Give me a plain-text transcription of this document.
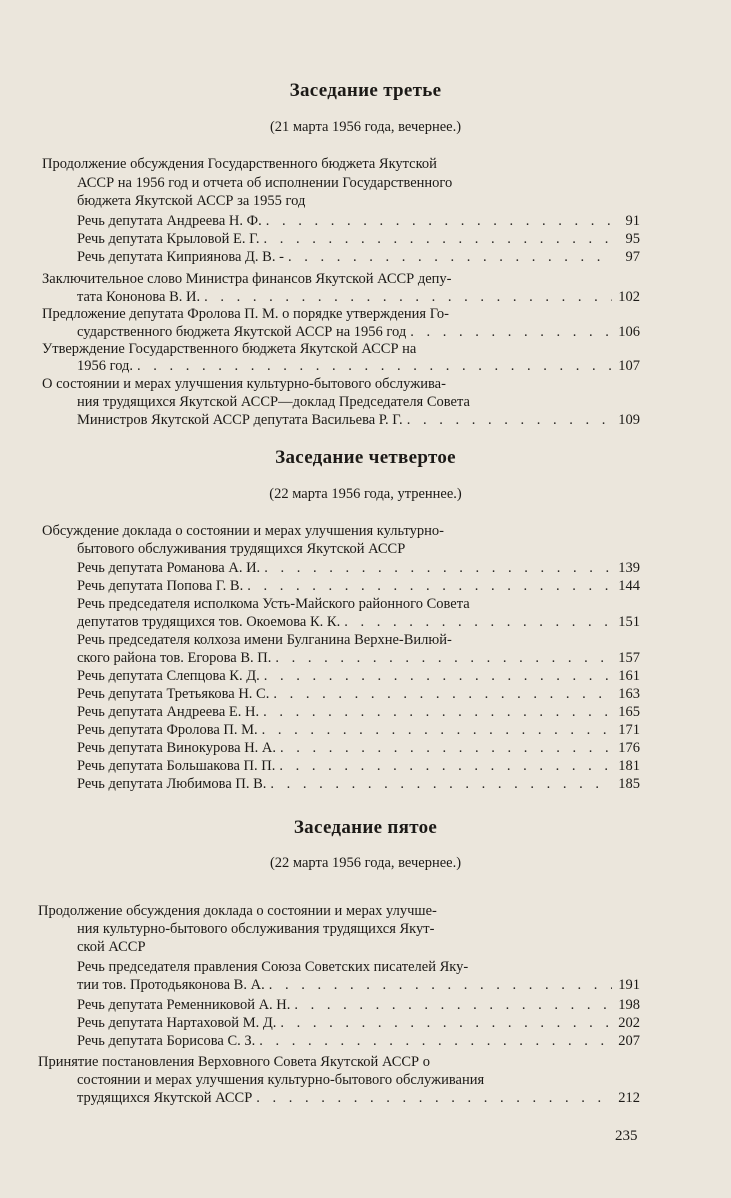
Заседание третье
(21 марта 1956 года, вечернее.)
Заседание четвертое
(22 марта 1956 года, утреннее.)
Заседание пятое
(22 марта 1956 года, вечернее.)
Продолжение обсуждения Государственного бюджета Якутской
АССР на 1956 год и отчета об исполнении Государственного
бюджета Якутской АССР за 1955 год
Речь депутата Андреева Н. Ф. . . .	91
Речь депутата Крыловой Е. Г. . . .	95
Речь депутата Киприянова Д. В. - . . .	97
Заключительное слово Министра финансов Якутской АССР депу-
тата Кононова В. И. . . .	102
Предложение депутата Фролова П. М. о порядке утверждения Го-
сударственного бюджета Якутской АССР на 1956 год . . .	106
Утверждение Государственного бюджета Якутской АССР на
1956 год. . . .	107
О состоянии и мерах улучшения культурно-бытового обслужива-
ния трудящихся Якутской АССР—доклад Председателя Совета
Министров Якутской АССР депутата Васильева Р. Г. . . .	109
Обсуждение доклада о состоянии и мерах улучшения культурно-
бытового обслуживания трудящихся Якутской АССР
Речь депутата Романова А. И. . . .	139
Речь депутата Попова Г. В. . . .	144
Речь председателя исполкома Усть-Майского районного Совета
депутатов трудящихся тов. Окоемова К. К. . . .	151
Речь председателя колхоза имени Булганина Верхне-Вилюй-
ского района тов. Егорова В. П. . . .	157
Речь депутата Слепцова К. Д. . . .	161
Речь депутата Третьякова Н. С. . . .	163
Речь депутата Андреева Е. Н. . . .	165
Речь депутата Фролова П. М. . . .	171
Речь депутата Винокурова Н. А. . . .	176
Речь депутата Большакова П. П. . . .	181
Речь депутата Любимова П. В. . . .	185
Продолжение обсуждения доклада о состоянии и мерах улучше-
ния культурно-бытового обслуживания трудящихся Якут-
ской АССР
Речь председателя правления Союза Советских писателей Яку-
тии тов. Протодьяконова В. А. . . .	191
Речь депутата Ременниковой А. Н. . . .	198
Речь депутата Нартаховой М. Д. . . .	202
Речь депутата Борисова С. З. . . .	207
Принятие постановления Верховного Совета Якутской АССР о
состоянии и мерах улучшения культурно-бытового обслуживания
трудящихся Якутской АССР . . .	212
235
